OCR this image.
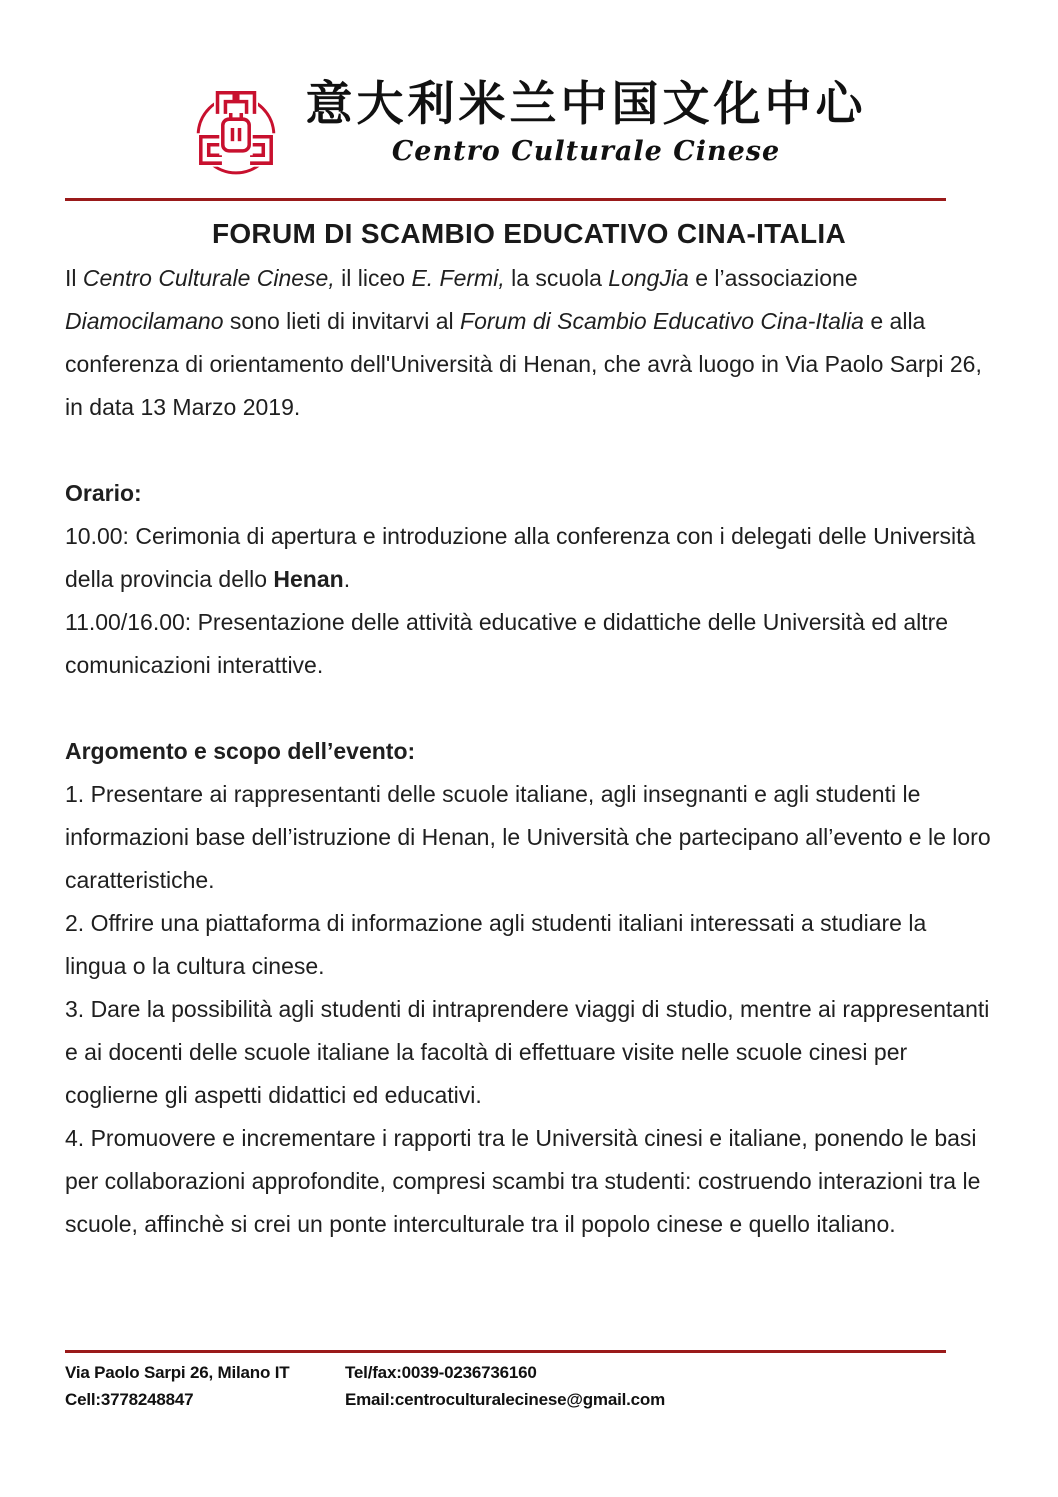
意大利米兰中国文化中心
Centro Culturale Cinese
FORUM DI SCAMBIO EDUCATIVO CINA-ITALIA

Il Centro Culturale Cinese, il liceo E. Fermi, la scuola LongJia e l’associazione Diamocilamano sono lieti di invitarvi al Forum di Scambio Educativo Cina-Italia e alla conferenza di orientamento dell'Università di Henan, che avrà luogo in Via Paolo Sarpi 26, in data 13 Marzo 2019.

Orario:

10.00: Cerimonia di apertura e introduzione alla conferenza con i delegati delle Università della provincia dello Henan.

11.00/16.00: Presentazione delle attività educative e didattiche delle Università ed altre comunicazioni interattive.

Argomento e scopo dell’evento:

1. Presentare ai rappresentanti delle scuole italiane, agli insegnanti e agli studenti le informazioni base dell’istruzione di Henan, le Università che partecipano all’evento e le loro caratteristiche.

2. Offrire una piattaforma di informazione agli studenti italiani interessati a studiare la lingua o la cultura cinese.

3. Dare la possibilità agli studenti di intraprendere viaggi di studio, mentre ai rappresentanti e ai docenti delle scuole italiane la facoltà di effettuare visite nelle scuole cinesi per coglierne gli aspetti didattici ed educativi.

4. Promuovere e incrementare i rapporti tra le Università cinesi e italiane, ponendo le basi per collaborazioni approfondite, compresi scambi tra studenti: costruendo interazioni tra le scuole, affinchè si crei un ponte interculturale tra il popolo cinese e quello italiano.

Via Paolo Sarpi 26, Milano IT	Tel/fax:0039-0236736160
Cell:3778248847	Email:centroculturalecinese@gmail.com
